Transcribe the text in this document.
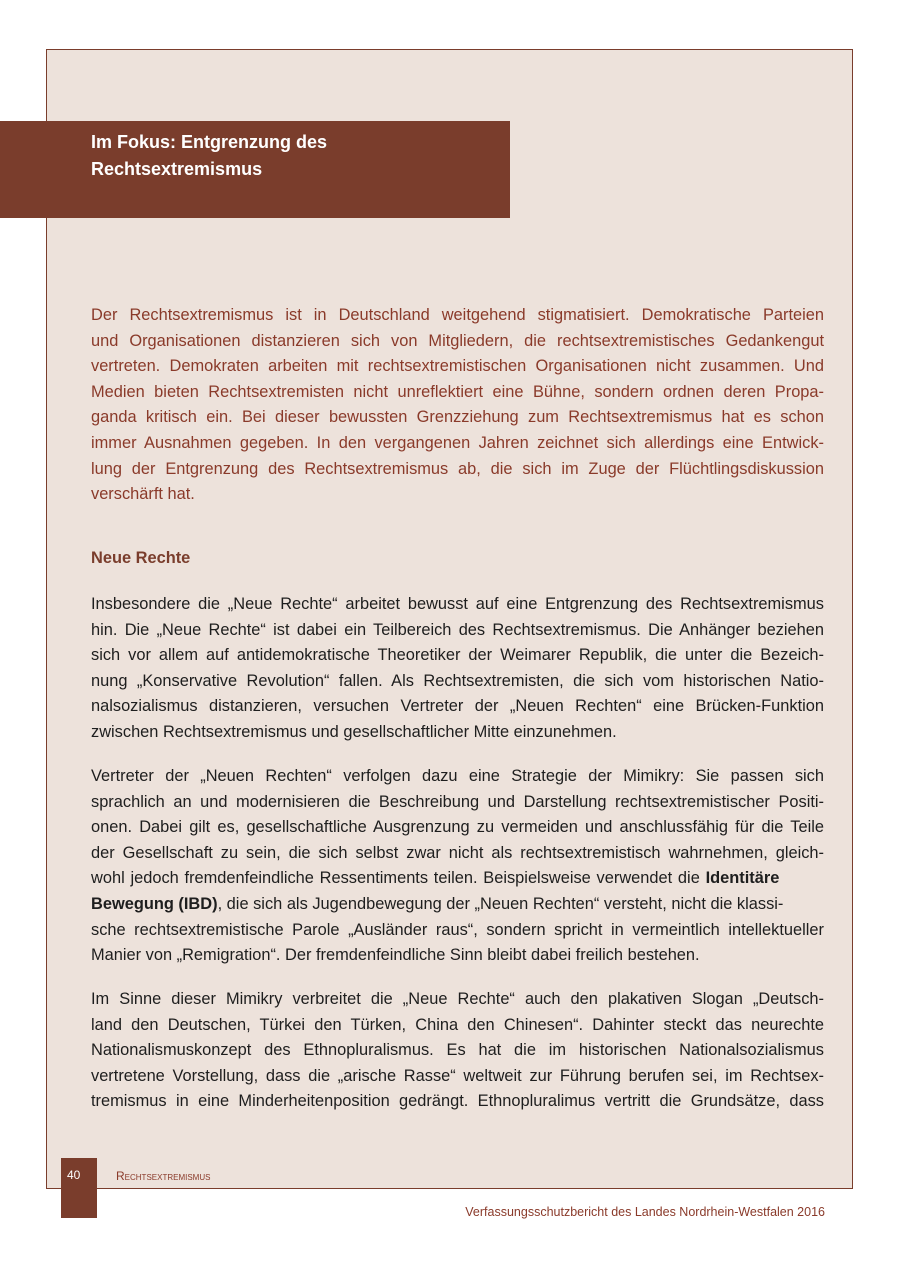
Im Fokus: Entgrenzung des
Rechtsextremismus
Der Rechtsextremismus ist in Deutschland weitgehend stigmatisiert. Demokratische Parteien
und Organisationen distanzieren sich von Mitgliedern, die rechtsextremistisches Gedankengut
vertreten. Demokraten arbeiten mit rechtsextremistischen Organisationen nicht zusammen. Und
Medien bieten Rechtsextremisten nicht unreflektiert eine Bühne, sondern ordnen deren Propa-
ganda kritisch ein. Bei dieser bewussten Grenzziehung zum Rechtsextremismus hat es schon
immer Ausnahmen gegeben. In den vergangenen Jahren zeichnet sich allerdings eine Entwick-
lung der Entgrenzung des Rechtsextremismus ab, die sich im Zuge der Flüchtlingsdiskussion
verschärft hat.
Neue Rechte
Insbesondere die „Neue Rechte“ arbeitet bewusst auf eine Entgrenzung des Rechtsextremismus
hin. Die „Neue Rechte“ ist dabei ein Teilbereich des Rechtsextremismus. Die Anhänger beziehen
sich vor allem auf antidemokratische Theoretiker der Weimarer Republik, die unter die Bezeich-
nung „Konservative Revolution“ fallen. Als Rechtsextremisten, die sich vom historischen Natio-
nalsozialismus distanzieren, versuchen Vertreter der „Neuen Rechten“ eine Brücken-Funktion
zwischen Rechtsextremismus und gesellschaftlicher Mitte einzunehmen.
Vertreter der „Neuen Rechten“ verfolgen dazu eine Strategie der Mimikry: Sie passen sich
sprachlich an und modernisieren die Beschreibung und Darstellung rechtsextremistischer Positi-
onen. Dabei gilt es, gesellschaftliche Ausgrenzung zu vermeiden und anschlussfähig für die Teile
der Gesellschaft zu sein, die sich selbst zwar nicht als rechtsextremistisch wahrnehmen, gleich-
wohl jedoch fremdenfeindliche Ressentiments teilen. Beispielsweise verwendet die Identitäre
Bewegung (IBD), die sich als Jugendbewegung der „Neuen Rechten“ versteht, nicht die klassi-
sche rechtsextremistische Parole „Ausländer raus“, sondern spricht in vermeintlich intellektueller
Manier von „Remigration“. Der fremdenfeindliche Sinn bleibt dabei freilich bestehen.
Im Sinne dieser Mimikry verbreitet die „Neue Rechte“ auch den plakativen Slogan „Deutsch-
land den Deutschen, Türkei den Türken, China den Chinesen“. Dahinter steckt das neurechte
Nationalismuskonzept des Ethnopluralismus. Es hat die im historischen Nationalsozialismus
vertretene Vorstellung, dass die „arische Rasse“ weltweit zur Führung berufen sei, im Rechtsex-
tremismus in eine Minderheitenposition gedrängt. Ethnopluralimus vertritt die Grundsätze, dass
40	Rechtsextremismus
Verfassungsschutzbericht des Landes Nordrhein-Westfalen 2016
